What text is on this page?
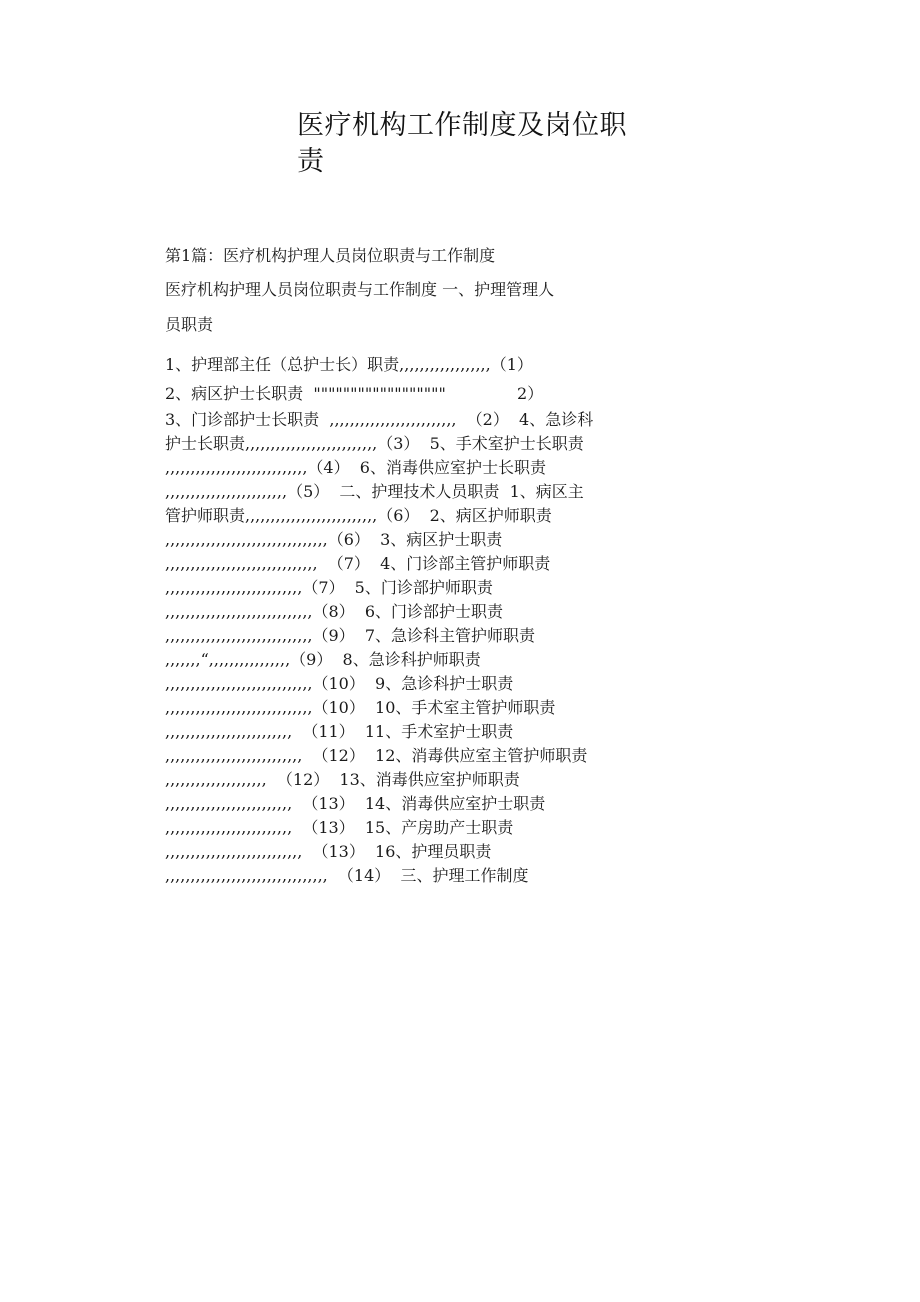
医疗机构工作制度及岗位职责

第1篇：医疗机构护理人员岗位职责与工作制度

医疗机构护理人员岗位职责与工作制度 一、护理管理人

员职责

1、护理部主任（总护士长）职责,,,,,,,,,,,,,,,,,,（1）

2、病区护士长职责  """"""""""""""""""              2）

3、门诊部护士长职责  ,,,,,,,,,,,,,,,,,,,,,,,,,  （2）  4、急诊科

护士长职责,,,,,,,,,,,,,,,,,,,,,,,,,,（3）  5、手术室护士长职责

,,,,,,,,,,,,,,,,,,,,,,,,,,,,（4）  6、消毒供应室护士长职责

,,,,,,,,,,,,,,,,,,,,,,,,（5）  二、护理技术人员职责  1、病区主

管护师职责,,,,,,,,,,,,,,,,,,,,,,,,,,（6）  2、病区护师职责

,,,,,,,,,,,,,,,,,,,,,,,,,,,,,,,,（6）  3、病区护士职责

,,,,,,,,,,,,,,,,,,,,,,,,,,,,,,  （7）  4、门诊部主管护师职责

,,,,,,,,,,,,,,,,,,,,,,,,,,,（7）  5、门诊部护师职责

,,,,,,,,,,,,,,,,,,,,,,,,,,,,,（8）  6、门诊部护士职责

,,,,,,,,,,,,,,,,,,,,,,,,,,,,,（9）  7、急诊科主管护师职责

,,,,,,,“,,,,,,,,,,,,,,,,（9）  8、急诊科护师职责

,,,,,,,,,,,,,,,,,,,,,,,,,,,,,（10）  9、急诊科护士职责

,,,,,,,,,,,,,,,,,,,,,,,,,,,,,（10）  10、手术室主管护师职责

,,,,,,,,,,,,,,,,,,,,,,,,,  （11）  11、手术室护士职责

,,,,,,,,,,,,,,,,,,,,,,,,,,,  （12）  12、消毒供应室主管护师职责

,,,,,,,,,,,,,,,,,,,,  （12）  13、消毒供应室护师职责

,,,,,,,,,,,,,,,,,,,,,,,,,  （13）  14、消毒供应室护士职责

,,,,,,,,,,,,,,,,,,,,,,,,,  （13）  15、产房助产士职责

,,,,,,,,,,,,,,,,,,,,,,,,,,,  （13）  16、护理员职责

,,,,,,,,,,,,,,,,,,,,,,,,,,,,,,,,  （14）  三、护理工作制度
